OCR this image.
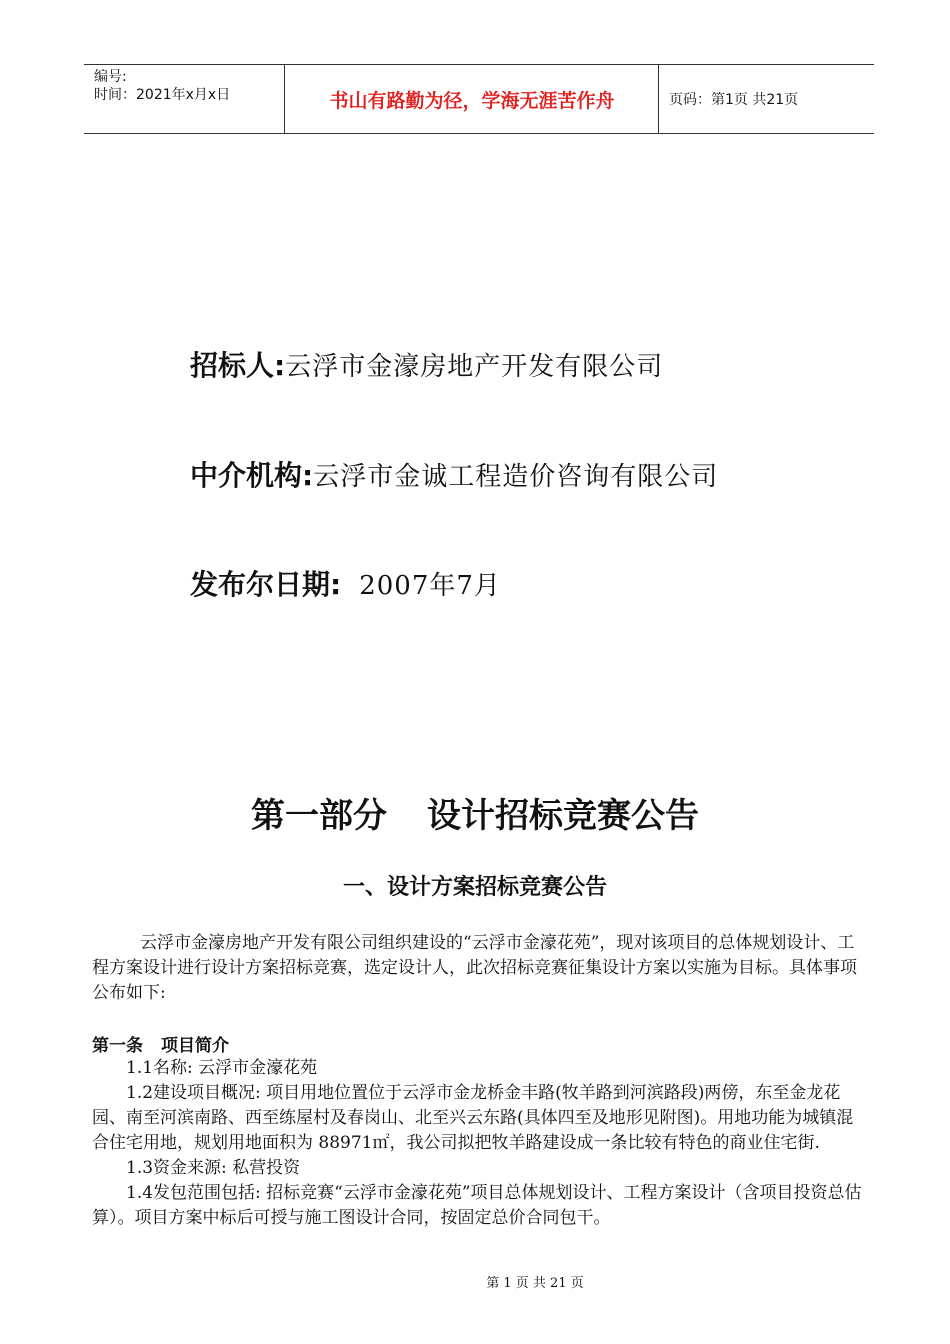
编号:
时间：2021年x月x日	书山有路勤为径，学海无涯苦作舟	页码：第1页 共21页
招标人:云浮市金濠房地产开发有限公司
中介机构:云浮市金诚工程造价咨询有限公司
发布尔日期: 2007年7月
第一部分 设计招标竞赛公告
一、设计方案招标竞赛公告

云浮市金濠房地产开发有限公司组织建设的“云浮市金濠花苑”，现对该项目的总体规划设计、工程方案设计进行设计方案招标竞赛，选定设计人，此次招标竞赛征集设计方案以实施为目标。具体事项公布如下:

第一条 项目简介

1.1名称: 云浮市金濠花苑

1.2建设项目概况: 项目用地位置位于云浮市金龙桥金丰路(牧羊路到河滨路段)两傍，东至金龙花园、南至河滨南路、西至练屋村及春岗山、北至兴云东路(具体四至及地形见附图)。用地功能为城镇混合住宅用地，规划用地面积为 88971㎡，我公司拟把牧羊路建设成一条比较有特色的商业住宅街.

1.3资金来源: 私营投资

1.4发包范围包括: 招标竞赛“云浮市金濠花苑”项目总体规划设计、工程方案设计（含项目投资总估算）。项目方案中标后可授与施工图设计合同，按固定总价合同包干。

第 1 页 共 21 页
